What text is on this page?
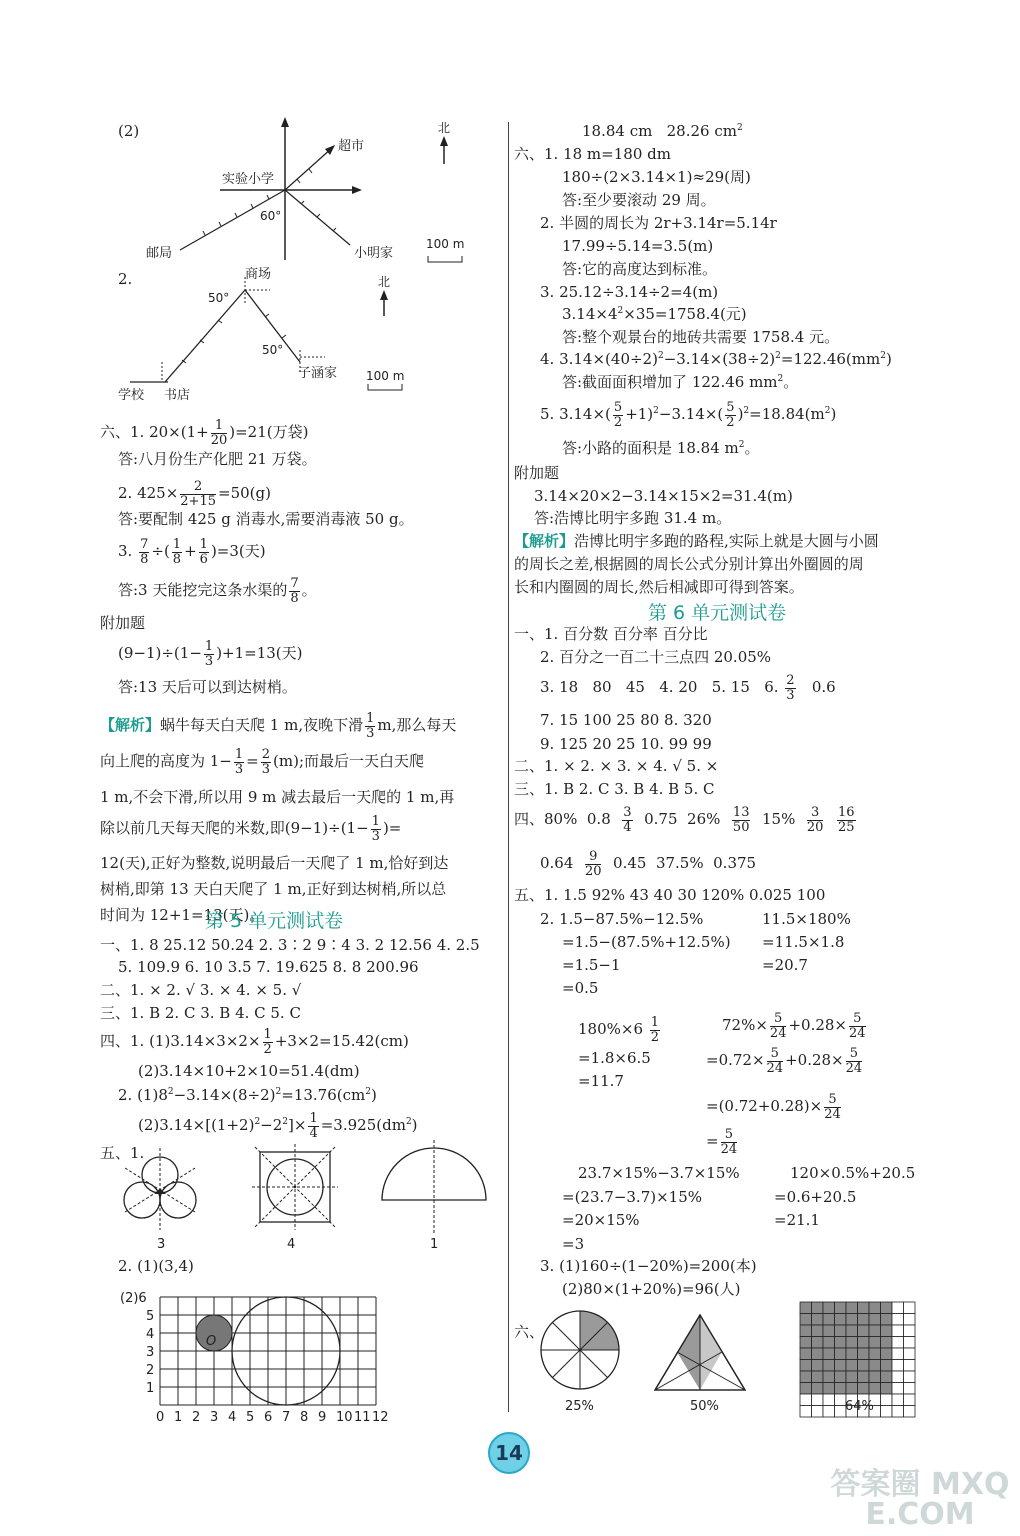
(2)
超市
实验小学
60°
邮局	小明家
北
100 m
2.	商场
50°
50°
子涵家
学校 书店
北
100 m
六、1. $20\times(1+ \frac{1}{20} )=21$(万袋)
答:八月份生产化肥 21 万袋。
2. $425\times \frac{2}{2+15} =50(g)$
答:要配制 425 g 消毒水,需要消毒液 50 g。
3. $\frac{7}{8}$ ÷( $\frac{1}{8} + \frac{1}{6} )=3$(天)
答:3 天能挖完这条水渠的 $\frac{7}{8}$ 。
附加题
$(9-1)\div(1- \frac{1}{3} )+1=13$(天)
答:13 天后可以到达树梢。
【解析】蜗牛每天白天爬 1 m,夜晚下滑 $\frac{1}{3} m$,那么每天
向上爬的高度为 $1- \frac{1}{3} = \frac{2}{3} (m)$;而最后一天白天爬
1 m,不会下滑,所以用 9 m 减去最后一天爬的 1 m,再
除以前几天每天爬的米数,即$(9-1)\div(1- \frac{1}{3}$ )=
12(天),正好为整数,说明最后一天爬了 1 m,恰好到达
树梢,即第 13 天白天爬了 1 m,正好到达树梢,所以总
时间为 12+1=13(天)。
第 5 单元测试卷
一、1. 8 25.12 50.24 2. 3∶2 9∶4 3. 2 12.56 4. 2.5
5. 109.9 6. 10 3.5 7. 19.625 8. 8 200.96
二、1. × 2. √ 3. × 4. × 5. √
三、1. B 2. C 3. B 4. C 5. C
四、1. $(1)3.14\times 3\times 2\times \frac{1}{2} +3\times 2=15.42(cm)$
(2)3.14×10+2×10=51.4(dm)
2. $(1)8^2-3.14\times(8\div 2)^2=13.76(cm^2)$
$(2)3.14\times[(1+2)^2-2^2]\times \frac{1}{4} =3.925(dm^2)$
五、1.
3	4	1
2. (1)(3,4)
(2)6
5
4
3
2
1
0 1 2 3 4 5 6 7 8 9 10 11 12
O
18.84 cm   28.26 $cm^2$
六、1. 18 m=180 dm
180÷(2×3.14×1)≈29(周)
答:至少要滚动 29 周。
2. 半圆的周长为 2r+3.14r=5.14r
17.99÷5.14=3.5(m)
答:它的高度达到标准。
3. 25.12÷3.14÷2=4(m)
$3.14\times 4^2\times 35=1758.4$(元)
答:整个观景台的地砖共需要 1758.4 元。
4. $3.14\times(40\div 2)^2-3.14\times(38\div 2)^2=122.46(mm^2)$
答:截面面积增加了 122.46 $mm^2$。
5. $3.14\times( \frac{5}{2} +1)^2-3.14\times( \frac{5}{2} )^2=18.84(m^2)$
答:小路的面积是 18.84 $m^2$。
附加题
3.14×20×2−3.14×15×2=31.4(m)
答:浩博比明宇多跑 31.4 m。
【解析】浩博比明宇多跑的路程,实际上就是大圆与小圆
的周长之差,根据圆的周长公式分别计算出外圈圆的周
长和内圈圆的周长,然后相减即可得到答案。
第 6 单元测试卷
一、1. 百分数 百分率 百分比
2. 百分之一百二十三点四 20.05%
3. 18   80   45   4. 20   5. 15   6. $\frac{2}{3} 0.6$
7. 15 100 25 80 8. 320
9. 125 20 25 10. 99 99
二、1. × 2. × 3. × 4. √ 5. ×
三、1. B 2. C 3. B 4. B 5. C
四、80%  $0.8 \frac{3}{4} 0.75$  $26\% \frac{13}{50} 15\% \frac{3}{20}$
$\frac{16}{25}$
$0.64 \frac{9}{20} 0.45$  37.5%  0.375
五、1. 1.5 92% 43 40 30 120% 0.025 100
2. 1.5−87.5%−12.5%
=1.5−(87.5%+12.5%)
=1.5−1
=0.5
11.5×180%
=11.5×1.8
=20.7
$180\%\times 6 \frac{1}{2}$
=1.8×6.5
=11.7
$72\%\times \frac{5}{24} +0.28\times \frac{5}{24}$
$=0.72\times \frac{5}{24} +0.28\times \frac{5}{24}$
$=(0.72+0.28)\times \frac{5}{24}$
= $\frac{5}{24}$
23.7×15%−3.7×15%
=(23.7−3.7)×15%
=20×15%
=3
120×0.5%+20.5
=0.6+20.5
=21.1
3. (1)160÷(1−20%)=200(本)
(2)80×(1+20%)=96(人)
六、
25%	50%	64%
14
答案圈 MXQE.COM
